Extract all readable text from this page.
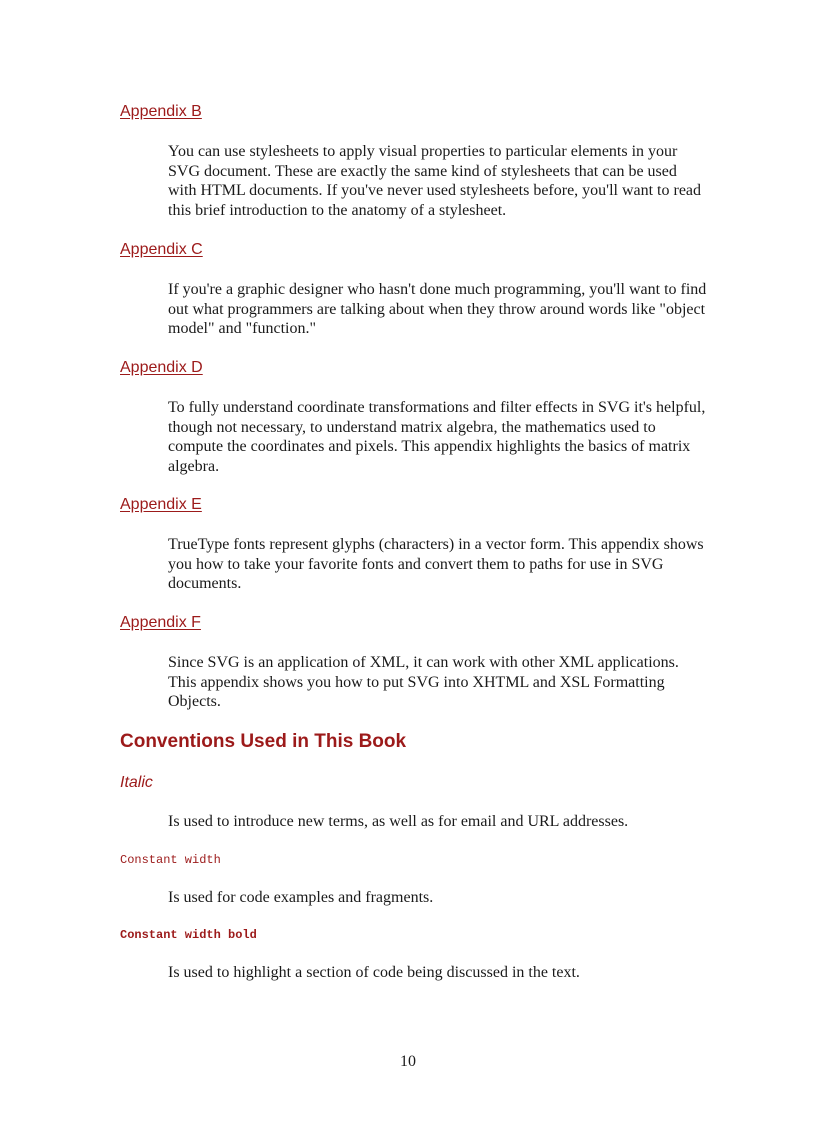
Appendix B

You can use stylesheets to apply visual properties to particular elements in your SVG document. These are exactly the same kind of stylesheets that can be used with HTML documents. If you've never used stylesheets before, you'll want to read this brief introduction to the anatomy of a stylesheet.

Appendix C

If you're a graphic designer who hasn't done much programming, you'll want to find out what programmers are talking about when they throw around words like "object model" and "function."

Appendix D

To fully understand coordinate transformations and filter effects in SVG it's helpful, though not necessary, to understand matrix algebra, the mathematics used to compute the coordinates and pixels. This appendix highlights the basics of matrix algebra.

Appendix E

TrueType fonts represent glyphs (characters) in a vector form. This appendix shows you how to take your favorite fonts and convert them to paths for use in SVG documents.

Appendix F

Since SVG is an application of XML, it can work with other XML applications. This appendix shows you how to put SVG into XHTML and XSL Formatting Objects.

Conventions Used in This Book
Italic

Is used to introduce new terms, as well as for email and URL addresses.

Constant width

Is used for code examples and fragments.

Constant width bold

Is used to highlight a section of code being discussed in the text.

10
